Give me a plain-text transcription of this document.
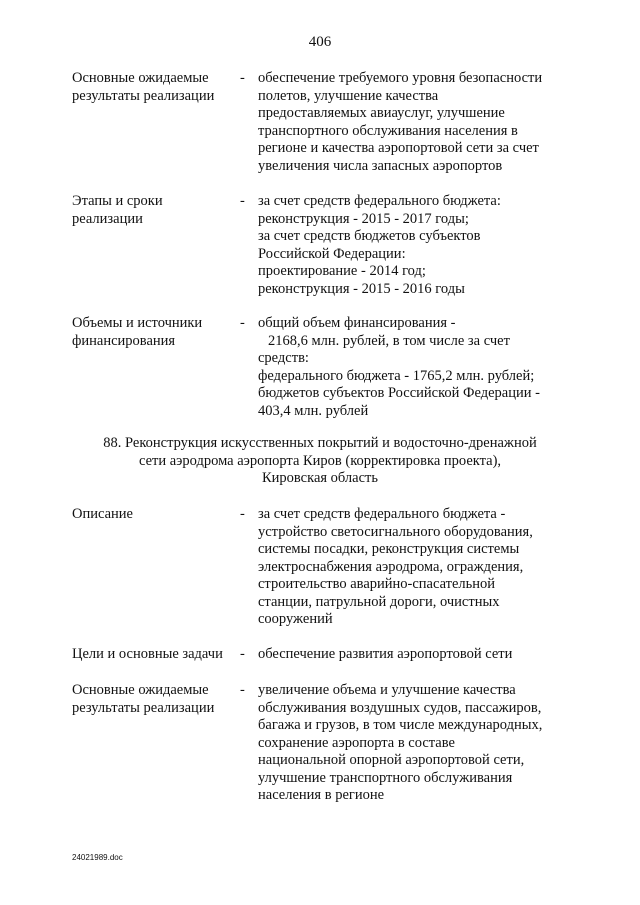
406
Основные ожидаемые
результаты реализации
- обеспечение требуемого уровня безопасности
полетов, улучшение качества
предоставляемых авиауслуг, улучшение
транспортного обслуживания населения в
регионе и качества аэропортовой сети за счет
увеличения числа запасных аэропортов
Этапы и сроки
реализации
- за счет средств федерального бюджета:
реконструкция - 2015 - 2017 годы;
за счет средств бюджетов субъектов
Российской Федерации:
проектирование - 2014 год;
реконструкция - 2015 - 2016 годы
Объемы и источники
финансирования
- общий объем финансирования -
2168,6 млн. рублей, в том числе за счет
средств:
федерального бюджета - 1765,2 млн. рублей;
бюджетов субъектов Российской Федерации -
403,4 млн. рублей
88. Реконструкция искусственных покрытий и водосточно-дренажной
сети аэродрома аэропорта Киров (корректировка проекта),
Кировская область
Описание	- за счет средств федерального бюджета -
устройство светосигнального оборудования,
системы посадки, реконструкция системы
электроснабжения аэродрома, ограждения,
строительство аварийно-спасательной
станции, патрульной дороги, очистных
сооружений
Цели и основные задачи	- обеспечение развития аэропортовой сети
Основные ожидаемые
результаты реализации
- увеличение объема и улучшение качества
обслуживания воздушных судов, пассажиров,
багажа и грузов, в том числе международных,
сохранение аэропорта в составе
национальной опорной аэропортовой сети,
улучшение транспортного обслуживания
населения в регионе
24021989.doc
